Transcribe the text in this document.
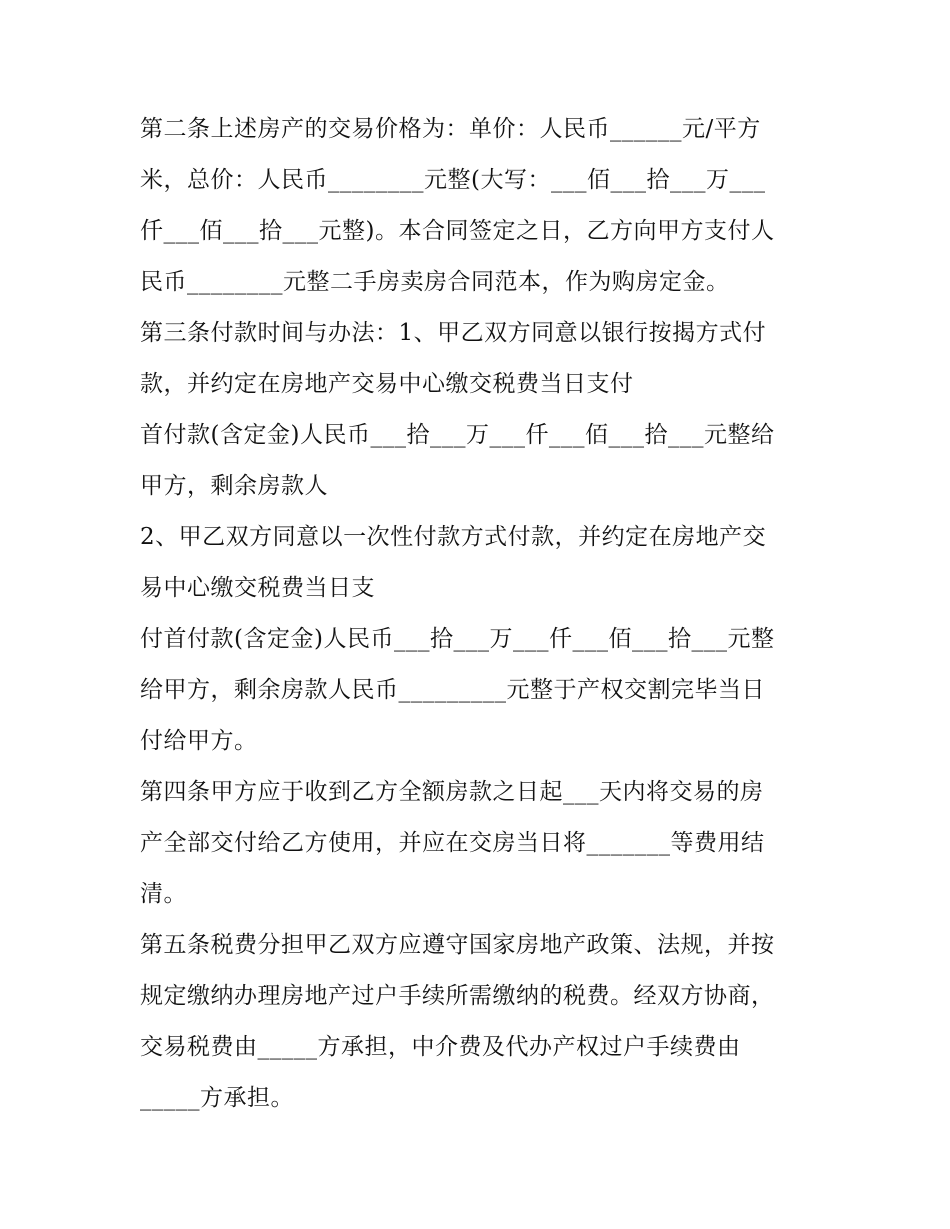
第二条上述房产的交易价格为：单价：人民币______元/平方
米，总价：人民币________元整(大写：___佰___拾___万___
仟___佰___拾___元整)。本合同签定之日，乙方向甲方支付人
民币________元整二手房卖房合同范本，作为购房定金。
第三条付款时间与办法：1、甲乙双方同意以银行按揭方式付
款，并约定在房地产交易中心缴交税费当日支付
首付款(含定金)人民币___拾___万___仟___佰___拾___元整给
甲方，剩余房款人
2、甲乙双方同意以一次性付款方式付款，并约定在房地产交
易中心缴交税费当日支
付首付款(含定金)人民币___拾___万___仟___佰___拾___元整
给甲方，剩余房款人民币_________元整于产权交割完毕当日
付给甲方。
第四条甲方应于收到乙方全额房款之日起___天内将交易的房
产全部交付给乙方使用，并应在交房当日将_______等费用结
清。
第五条税费分担甲乙双方应遵守国家房地产政策、法规，并按
规定缴纳办理房地产过户手续所需缴纳的税费。经双方协商，
交易税费由_____方承担，中介费及代办产权过户手续费由
_____方承担。
